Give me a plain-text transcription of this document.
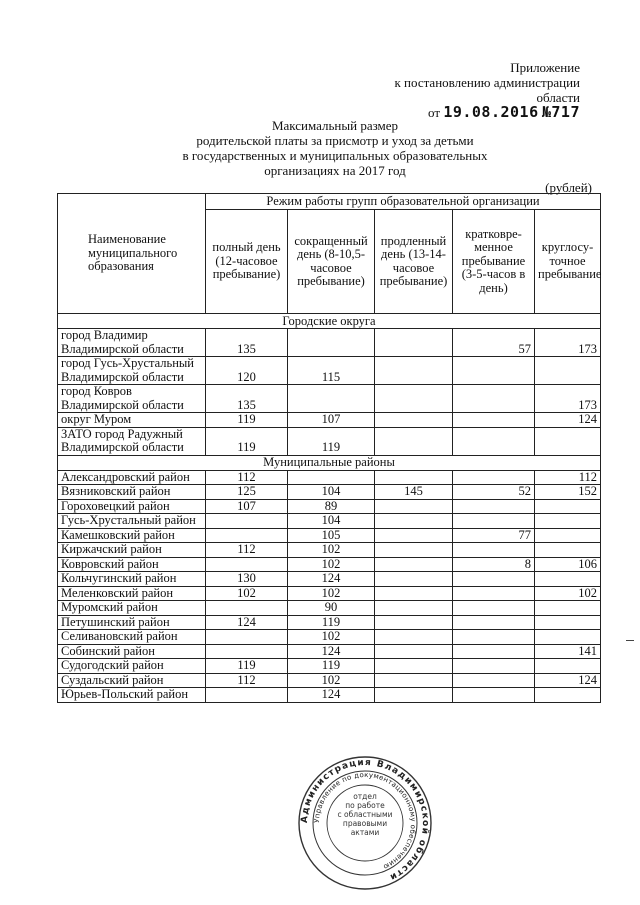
Приложение
к постановлению администрации области
от 19.08.2016 №717
Максимальный размер
родительской платы за присмотр и уход за детьми
в государственных и муниципальных образовательных
организациях на 2017 год
(рублей)
Наименование муниципального образования	Режим работы групп образовательной организации				
	полный день (12-часовое пребывание)	сокращенный день (8-10,5-часовое пребывание)	продленный день (13-14-часовое пребывание)	кратковре-менное пребывание (3-5-часов в день)	круглосу-точное пребывание
Городские округа					
город Владимир Владимирской области	135			57	173
город Гусь-Хрустальный Владимирской области	120	115			
город Ковров Владимирской области	135				173
округ Муром	119	107			124
ЗАТО город Радужный Владимирской области	119	119			
Муниципальные районы					
Александровский район	112				112
Вязниковский район	125	104	145	52	152
Гороховецкий район	107	89			
Гусь-Хрустальный район		104			
Камешковский район		105		77	
Киржачский район	112	102			
Ковровский район		102		8	106
Кольчугинский район	130	124			
Меленковский район	102	102			102
Муромский район		90			
Петушинский район	124	119			
Селивановский район		102			
Собинский район		124			141
Судогодский район	119	119			
Суздальский район	112	102			124
Юрьев-Польский район		124			
Администрация Владимирской области
Управление по документационному обеспечению
отдел
по работе
с областными
правовыми
актами
